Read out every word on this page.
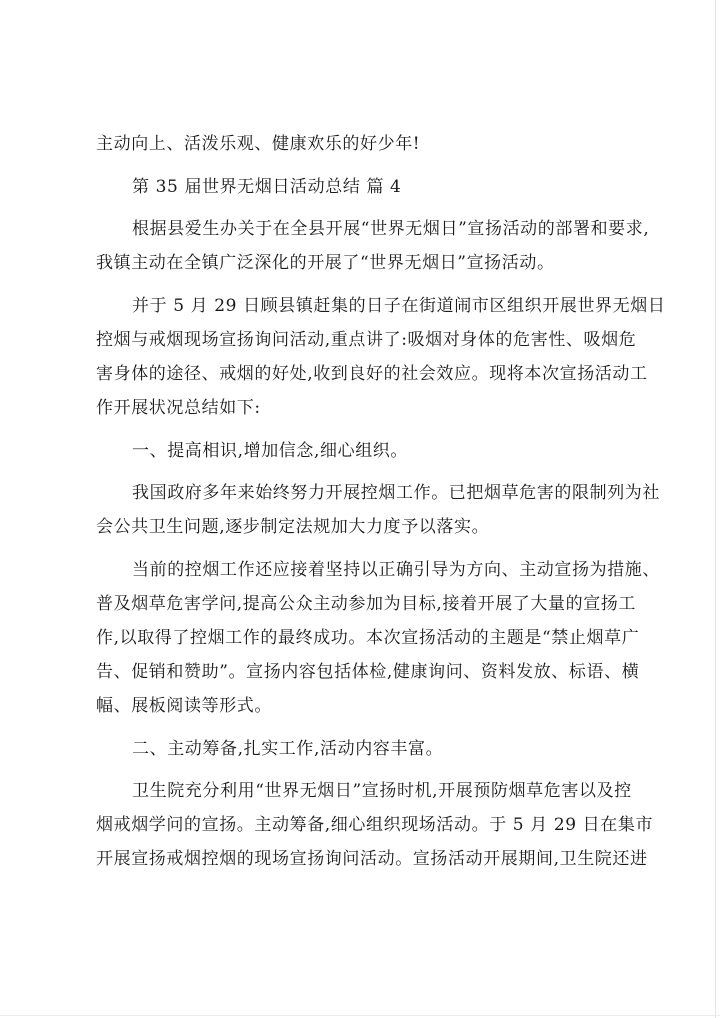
主动向上、活泼乐观、健康欢乐的好少年!
第 35 届世界无烟日活动总结 篇 4
根据县爱生办关于在全县开展“世界无烟日”宣扬活动的部署和要求,
我镇主动在全镇广泛深化的开展了“世界无烟日”宣扬活动。
并于 5 月 29 日顾县镇赶集的日子在街道闹市区组织开展世界无烟日
控烟与戒烟现场宣扬询问活动,重点讲了:吸烟对身体的危害性、吸烟危
害身体的途径、戒烟的好处,收到良好的社会效应。现将本次宣扬活动工
作开展状况总结如下:
一、提高相识,增加信念,细心组织。
我国政府多年来始终努力开展控烟工作。已把烟草危害的限制列为社
会公共卫生问题,逐步制定法规加大力度予以落实。
当前的控烟工作还应接着坚持以正确引导为方向、主动宣扬为措施、
普及烟草危害学问,提高公众主动参加为目标,接着开展了大量的宣扬工
作,以取得了控烟工作的最终成功。本次宣扬活动的主题是“禁止烟草广
告、促销和赞助”。宣扬内容包括体检,健康询问、资料发放、标语、横
幅、展板阅读等形式。
二、主动筹备,扎实工作,活动内容丰富。
卫生院充分利用“世界无烟日”宣扬时机,开展预防烟草危害以及控
烟戒烟学问的宣扬。主动筹备,细心组织现场活动。于 5 月 29 日在集市
开展宣扬戒烟控烟的现场宣扬询问活动。宣扬活动开展期间,卫生院还进
